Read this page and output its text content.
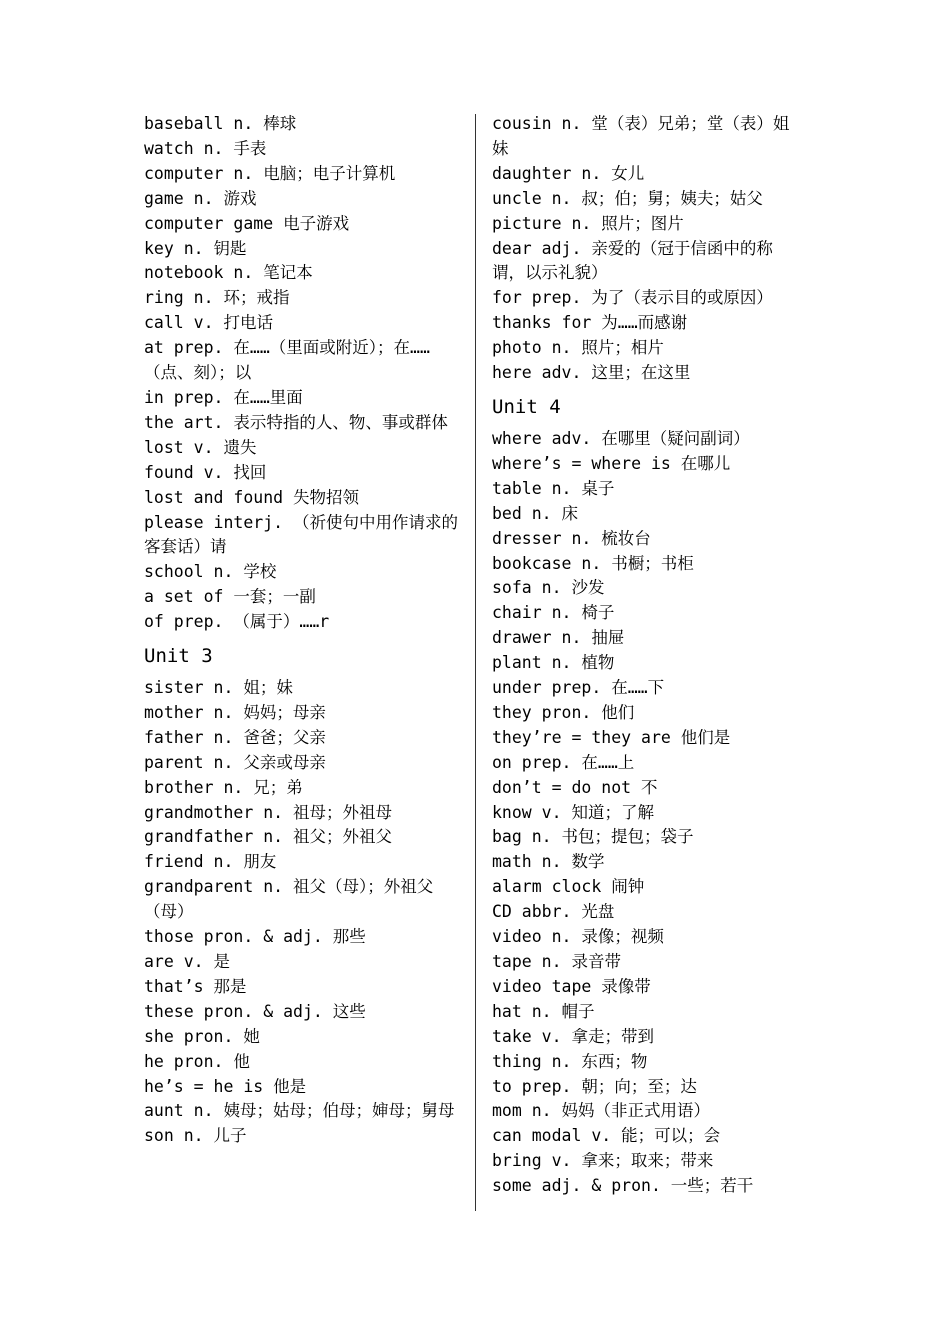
baseball n. 棒球
watch n. 手表
computer n. 电脑；电子计算机
game n. 游戏
computer game 电子游戏
key n. 钥匙
notebook n. 笔记本
ring n. 环；戒指
call v. 打电话
at prep. 在……（里面或附近）；在……（点、刻）；以
in prep. 在……里面
the art. 表示特指的人、物、事或群体
lost v. 遗失
found v. 找回
lost and found 失物招领
please interj. （祈使句中用作请求的客套话）请
school n. 学校
a set of 一套；一副
of prep. （属于）……r
Unit 3
sister n. 姐；妹
mother n. 妈妈；母亲
father n. 爸爸；父亲
parent n. 父亲或母亲
brother n. 兄；弟
grandmother n. 祖母；外祖母
grandfather n. 祖父；外祖父
friend n. 朋友
grandparent n. 祖父（母）；外祖父（母）
those pron. & adj. 那些
are v. 是
that’s 那是
these pron. & adj. 这些
she pron. 她
he pron. 他
he’s = he is 他是
aunt n. 姨母；姑母；伯母；婶母；舅母
son n. 儿子
cousin n. 堂（表）兄弟；堂（表）姐妹
daughter n. 女儿
uncle n. 叔；伯；舅；姨夫；姑父
picture n. 照片；图片
dear adj. 亲爱的（冠于信函中的称谓，以示礼貌）
for prep. 为了（表示目的或原因）
thanks for 为……而感谢
photo n. 照片；相片
here adv. 这里；在这里
Unit 4
where adv. 在哪里（疑问副词）
where’s = where is 在哪儿
table n. 桌子
bed n. 床
dresser n. 梳妆台
bookcase n. 书橱；书柜
sofa n. 沙发
chair n. 椅子
drawer n. 抽屉
plant n. 植物
under prep. 在……下
they pron. 他们
they’re = they are 他们是
on prep. 在……上
don’t = do not 不
know v. 知道；了解
bag n. 书包；提包；袋子
math n. 数学
alarm clock 闹钟
CD abbr. 光盘
video n. 录像；视频
tape n. 录音带
video tape 录像带
hat n. 帽子
take v. 拿走；带到
thing n. 东西；物
to prep. 朝；向；至；达
mom n. 妈妈（非正式用语）
can modal v. 能；可以；会
bring v. 拿来；取来；带来
some adj. & pron. 一些；若干
